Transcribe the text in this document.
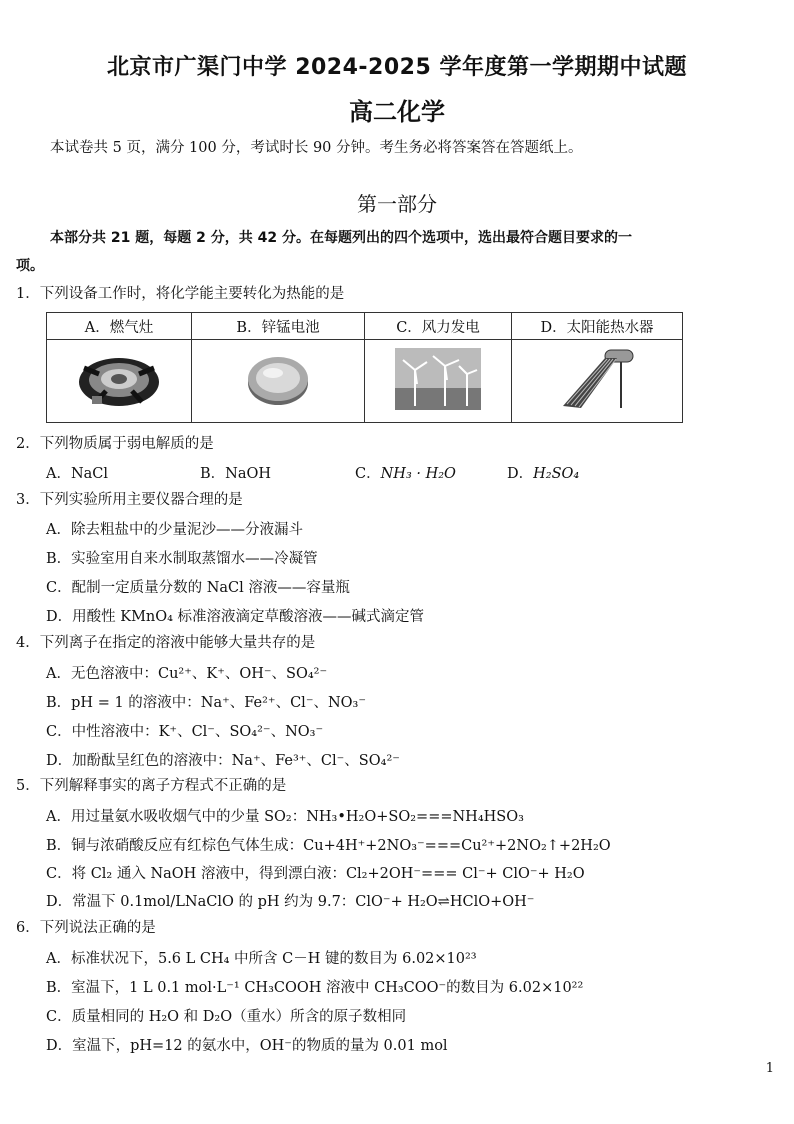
北京市广渠门中学 2024-2025 学年度第一学期期中试题
高二化学
本试卷共 5 页，满分 100 分，考试时长 90 分钟。考生务必将答案答在答题纸上。
第一部分
本部分共 21 题，每题 2 分，共 42 分。在每题列出的四个选项中，选出最符合题目要求的一
项。
1．下列设备工作时，将化学能主要转化为热能的是
A．燃气灶	B．锌锰电池	C．风力发电	D．太阳能热水器

2．下列物质属于弱电解质的是
A．NaCl	B．NaOH	C．NH₃ · H₂O	D．H₂SO₄
3．下列实验所用主要仪器合理的是
A．除去粗盐中的少量泥沙——分液漏斗
B．实验室用自来水制取蒸馏水——冷凝管
C．配制一定质量分数的 NaCl 溶液——容量瓶
D．用酸性 KMnO₄ 标准溶液滴定草酸溶液——碱式滴定管
4．下列离子在指定的溶液中能够大量共存的是
A．无色溶液中：Cu²⁺、K⁺、OH⁻、SO₄²⁻
B．pH = 1 的溶液中：Na⁺、Fe²⁺、Cl⁻、NO₃⁻
C．中性溶液中：K⁺、Cl⁻、SO₄²⁻、NO₃⁻
D．加酚酞呈红色的溶液中：Na⁺、Fe³⁺、Cl⁻、SO₄²⁻
5．下列解释事实的离子方程式不正确的是
A．用过量氨水吸收烟气中的少量 SO₂：NH₃•H₂O+SO₂===NH₄HSO₃
B．铜与浓硝酸反应有红棕色气体生成：Cu+4H⁺+2NO₃⁻===Cu²⁺+2NO₂↑+2H₂O
C．将 Cl₂ 通入 NaOH 溶液中，得到漂白液：Cl₂+2OH⁻=== Cl⁻+ ClO⁻+ H₂O
D．常温下 0.1mol/LNaClO 的 pH 约为 9.7：ClO⁻+ H₂O⇌HClO+OH⁻
6．下列说法正确的是
A．标准状况下，5.6 L CH₄ 中所含 C－H 键的数目为 6.02×10²³
B．室温下，1 L 0.1 mol·L⁻¹ CH₃COOH 溶液中 CH₃COO⁻的数目为 6.02×10²²
C．质量相同的 H₂O 和 D₂O（重水）所含的原子数相同
D．室温下，pH=12 的氨水中，OH⁻的物质的量为 0.01 mol
1
